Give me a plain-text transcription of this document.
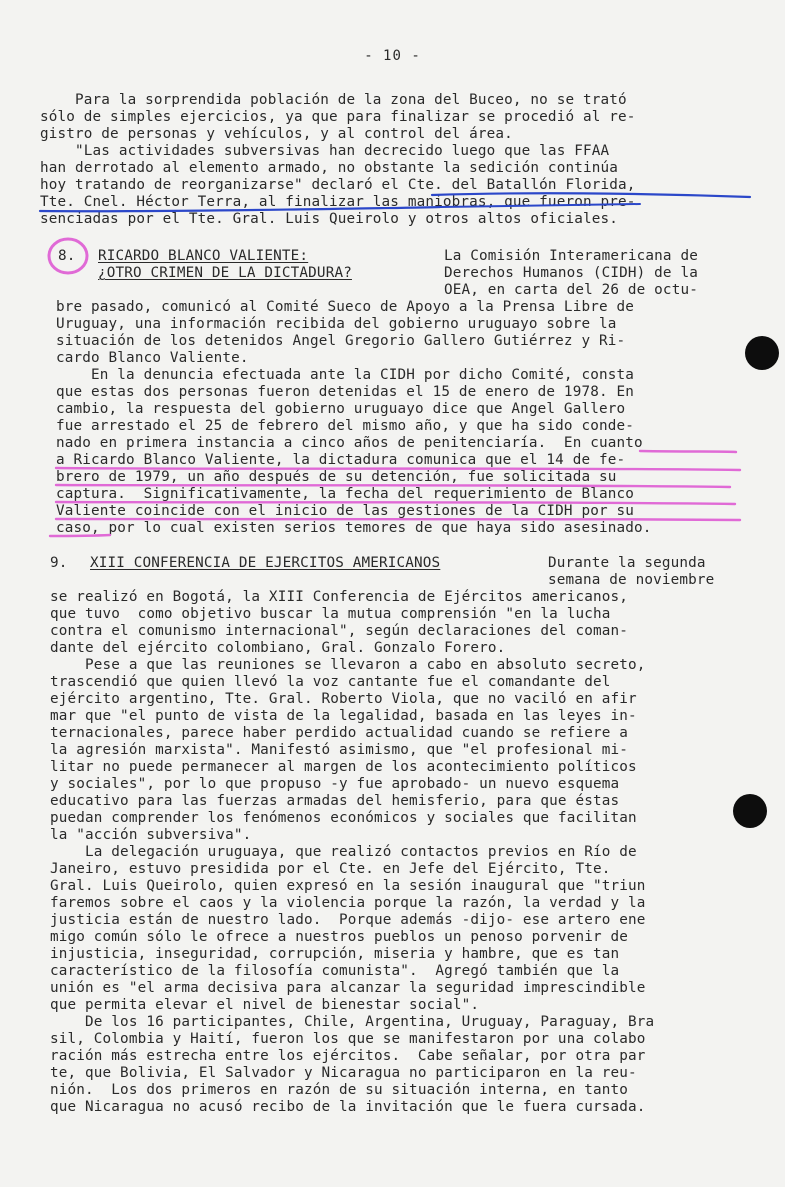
- 10 -
Para la sorprendida población de la zona del Buceo, no se trató
sólo de simples ejercicios, ya que para finalizar se procedió al re-
gistro de personas y vehículos, y al control del área.
"Las actividades subversivas han decrecido luego que las FFAA
han derrotado al elemento armado, no obstante la sedición continúa
hoy tratando de reorganizarse" declaró el Cte. del Batallón Florida,
Tte. Cnel. Héctor Terra, al finalizar las maniobras, que fueron pre-
senciadas por el Tte. Gral. Luis Queirolo y otros altos oficiales.
8. RICARDO BLANCO VALIENTE:
¿OTRO CRIMEN DE LA DICTADURA?
La Comisión Interamericana de
Derechos Humanos (CIDH) de la
OEA, en carta del 26 de octu-
bre pasado, comunicó al Comité Sueco de Apoyo a la Prensa Libre de
Uruguay, una información recibida del gobierno uruguayo sobre la
situación de los detenidos Angel Gregorio Gallero Gutiérrez y Ri-
cardo Blanco Valiente.
En la denuncia efectuada ante la CIDH por dicho Comité, consta
que estas dos personas fueron detenidas el 15 de enero de 1978. En
cambio, la respuesta del gobierno uruguayo dice que Angel Gallero
fue arrestado el 25 de febrero del mismo año, y que ha sido conde-
nado en primera instancia a cinco años de penitenciaría.  En cuanto
a Ricardo Blanco Valiente, la dictadura comunica que el 14 de fe-
brero de 1979, un año después de su detención, fue solicitada su
captura.  Significativamente, la fecha del requerimiento de Blanco
Valiente coincide con el inicio de las gestiones de la CIDH por su
caso, por lo cual existen serios temores de que haya sido asesinado.
9. XIII CONFERENCIA DE EJERCITOS AMERICANOS	Durante la segunda
semana de noviembre
se realizó en Bogotá, la XIII Conferencia de Ejércitos americanos,
que tuvo  como objetivo buscar la mutua comprensión "en la lucha
contra el comunismo internacional", según declaraciones del coman-
dante del ejército colombiano, Gral. Gonzalo Forero.
Pese a que las reuniones se llevaron a cabo en absoluto secreto,
trascendió que quien llevó la voz cantante fue el comandante del
ejército argentino, Tte. Gral. Roberto Viola, que no vaciló en afir
mar que "el punto de vista de la legalidad, basada en las leyes in-
ternacionales, parece haber perdido actualidad cuando se refiere a
la agresión marxista". Manifestó asimismo, que "el profesional mi-
litar no puede permanecer al margen de los acontecimiento políticos
y sociales", por lo que propuso -y fue aprobado- un nuevo esquema
educativo para las fuerzas armadas del hemisferio, para que éstas
puedan comprender los fenómenos económicos y sociales que facilitan
la "acción subversiva".
La delegación uruguaya, que realizó contactos previos en Río de
Janeiro, estuvo presidida por el Cte. en Jefe del Ejército, Tte.
Gral. Luis Queirolo, quien expresó en la sesión inaugural que "triun
faremos sobre el caos y la violencia porque la razón, la verdad y la
justicia están de nuestro lado.  Porque además -dijo- ese artero ene
migo común sólo le ofrece a nuestros pueblos un penoso porvenir de
injusticia, inseguridad, corrupción, miseria y hambre, que es tan
característico de la filosofía comunista".  Agregó también que la
unión es "el arma decisiva para alcanzar la seguridad imprescindible
que permita elevar el nivel de bienestar social".
De los 16 participantes, Chile, Argentina, Uruguay, Paraguay, Bra
sil, Colombia y Haití, fueron los que se manifestaron por una colabo
ración más estrecha entre los ejércitos.  Cabe señalar, por otra par
te, que Bolivia, El Salvador y Nicaragua no participaron en la reu-
nión.  Los dos primeros en razón de su situación interna, en tanto
que Nicaragua no acusó recibo de la invitación que le fuera cursada.
